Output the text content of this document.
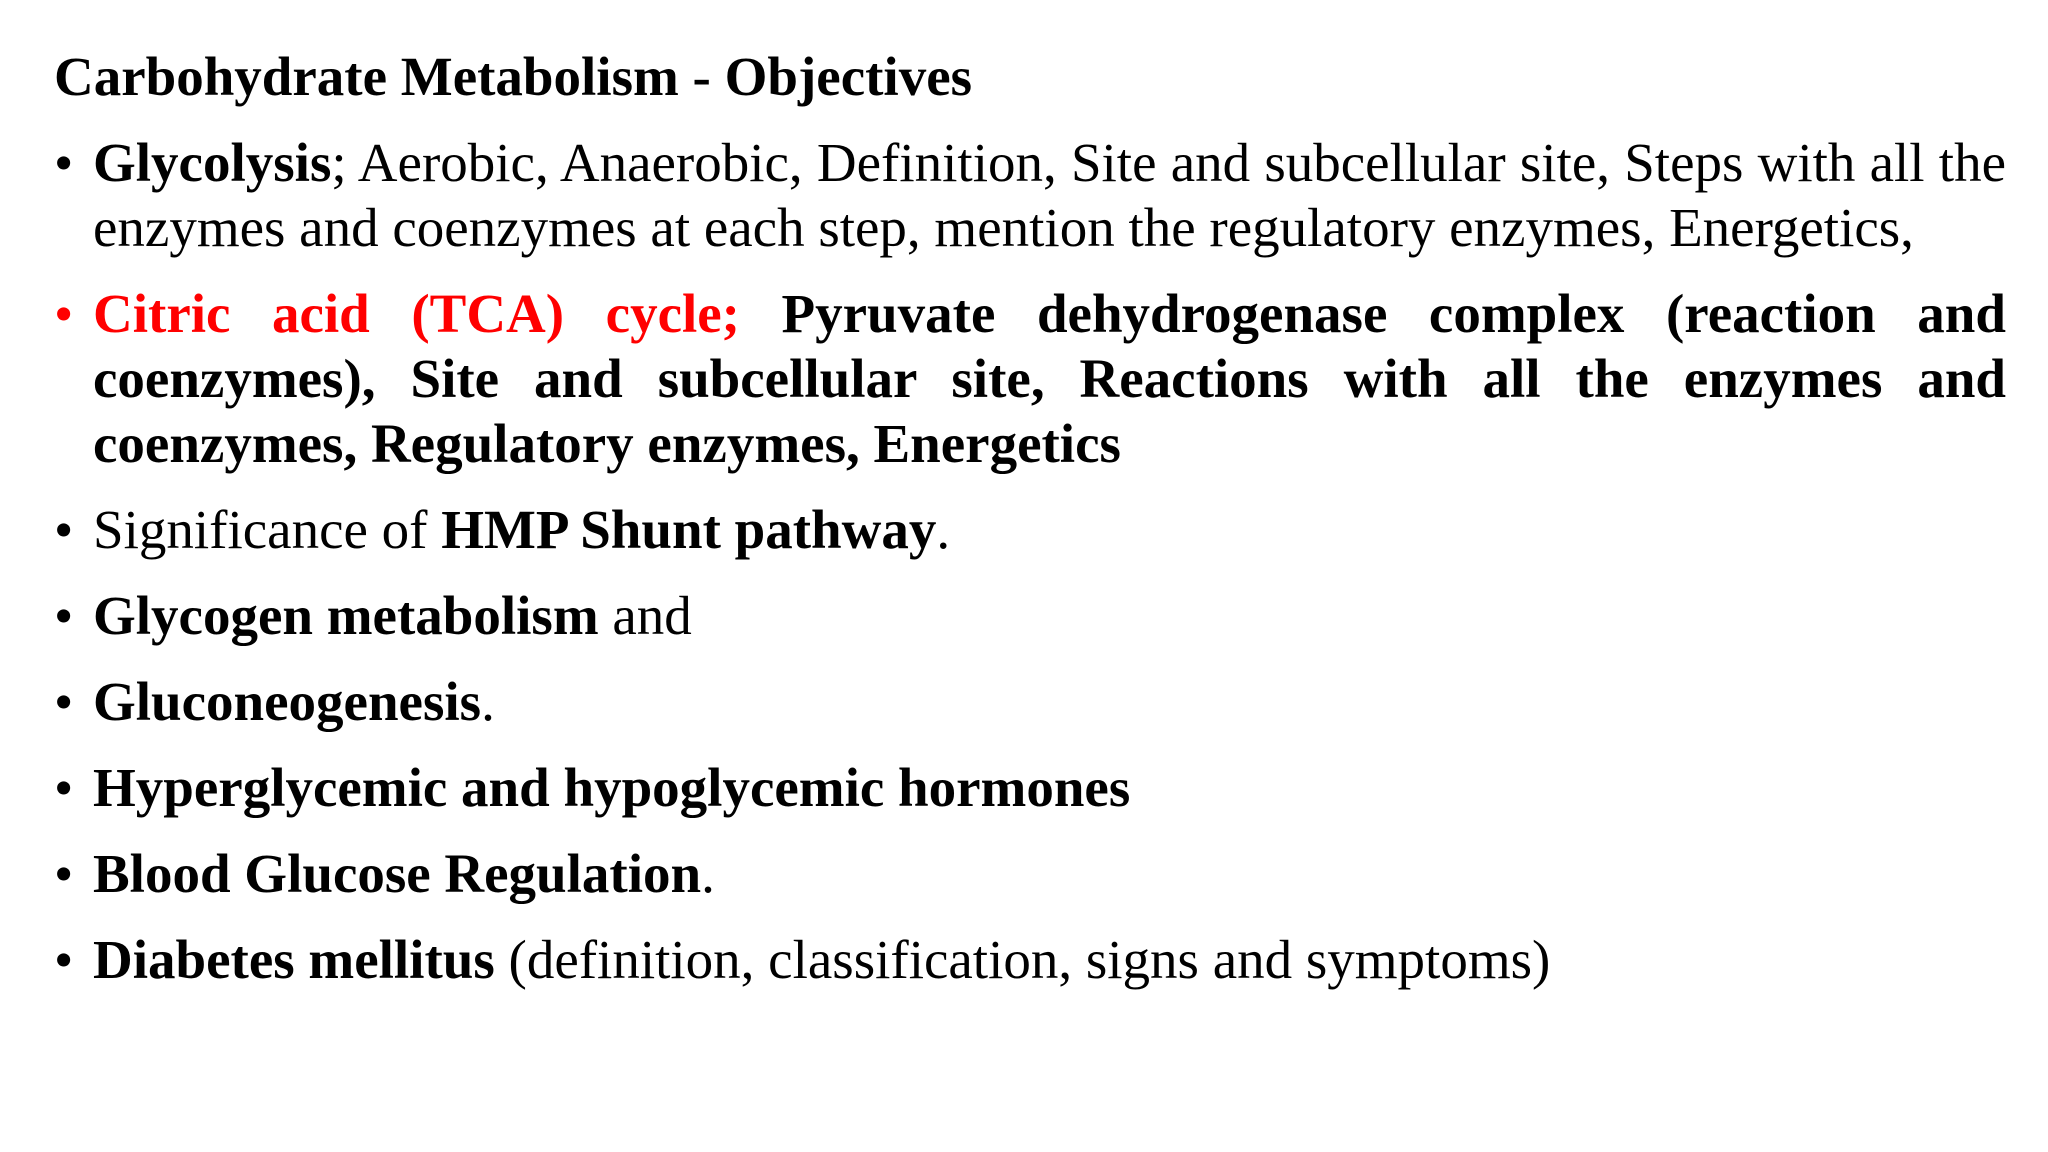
Carbohydrate Metabolism - Objectives
• Glycolysis; Aerobic, Anaerobic, Definition, Site and subcellular site, Steps with all the enzymes and coenzymes at each step, mention the regulatory enzymes, Energetics,
• Citric acid (TCA) cycle; Pyruvate dehydrogenase complex (reaction and coenzymes), Site and subcellular site, Reactions with all the enzymes and coenzymes, Regulatory enzymes, Energetics
• Significance of HMP Shunt pathway.
• Glycogen metabolism and
• Gluconeogenesis.
• Hyperglycemic and hypoglycemic hormones
• Blood Glucose Regulation.
• Diabetes mellitus (definition, classification, signs and symptoms)
